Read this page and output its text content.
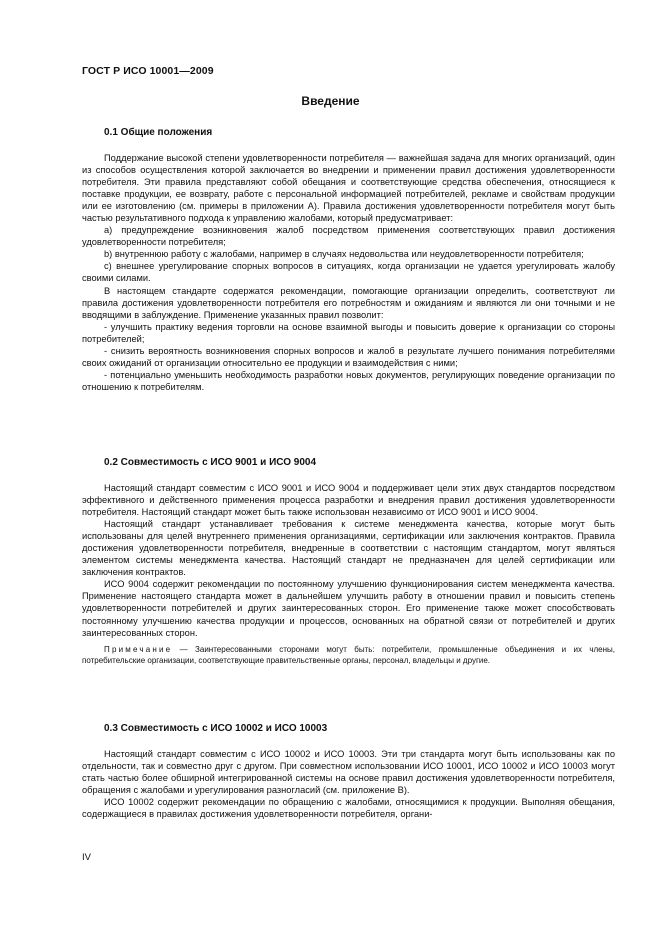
ГОСТ Р ИСО 10001—2009
Введение

0.1 Общие положения

Поддержание высокой степени удовлетворенности потребителя — важнейшая задача для многих организаций, один из способов осуществления которой заключается во внедрении и применении правил достижения удовлетворенности потребителя. Эти правила представляют собой обещания и соответствующие средства обеспечения, относящиеся к поставке продукции, ее возврату, работе с персональной информацией потребителей, рекламе и свойствам продукции или ее изготовлению (см. примеры в приложении А). Правила достижения удовлетворенности потребителя могут быть частью результативного подхода к управлению жалобами, который предусматривает:

a) предупреждение возникновения жалоб посредством применения соответствующих правил достижения удовлетворенности потребителя;

b) внутреннюю работу с жалобами, например в случаях недовольства или неудовлетворенности потребителя;

c) внешнее урегулирование спорных вопросов в ситуациях, когда организации не удается урегулировать жалобу своими силами.

В настоящем стандарте содержатся рекомендации, помогающие организации определить, соответствуют ли правила достижения удовлетворенности потребителя его потребностям и ожиданиям и являются ли они точными и не вводящими в заблуждение. Применение указанных правил позволит:

- улучшить практику ведения торговли на основе взаимной выгоды и повысить доверие к организации со стороны потребителей;

- снизить вероятность возникновения спорных вопросов и жалоб в результате лучшего понимания потребителями своих ожиданий от организации относительно ее продукции и взаимодействия с ними;

- потенциально уменьшить необходимость разработки новых документов, регулирующих поведение организации по отношению к потребителям.

0.2 Совместимость с ИСО 9001 и ИСО 9004

Настоящий стандарт совместим с ИСО 9001 и ИСО 9004 и поддерживает цели этих двух стандартов посредством эффективного и действенного применения процесса разработки и внедрения правил достижения удовлетворенности потребителя. Настоящий стандарт может быть также использован независимо от ИСО 9001 и ИСО 9004.

Настоящий стандарт устанавливает требования к системе менеджмента качества, которые могут быть использованы для целей внутреннего применения организациями, сертификации или заключения контрактов. Правила достижения удовлетворенности потребителя, внедренные в соответствии с настоящим стандартом, могут являться элементом системы менеджмента качества. Настоящий стандарт не предназначен для целей сертификации или заключения контрактов.

ИСО 9004 содержит рекомендации по постоянному улучшению функционирования систем менеджмента качества. Применение настоящего стандарта может в дальнейшем улучшить работу в отношении правил и повысить степень удовлетворенности потребителей и других заинтересованных сторон. Его применение также может способствовать постоянному улучшению качества продукции и процессов, основанных на обратной связи от потребителей и других заинтересованных сторон.

Примечание — Заинтересованными сторонами могут быть: потребители, промышленные объединения и их члены, потребительские организации, соответствующие правительственные органы, персонал, владельцы и другие.

0.3 Совместимость с ИСО 10002 и ИСО 10003

Настоящий стандарт совместим с ИСО 10002 и ИСО 10003. Эти три стандарта могут быть использованы как по отдельности, так и совместно друг с другом. При совместном использовании ИСО 10001, ИСО 10002 и ИСО 10003 могут стать частью более обширной интегрированной системы на основе правил достижения удовлетворенности потребителя, обращения с жалобами и урегулирования разногласий (см. приложение В).

ИСО 10002 содержит рекомендации по обращению с жалобами, относящимися к продукции. Выполняя обещания, содержащиеся в правилах достижения удовлетворенности потребителя, органи-

IV
